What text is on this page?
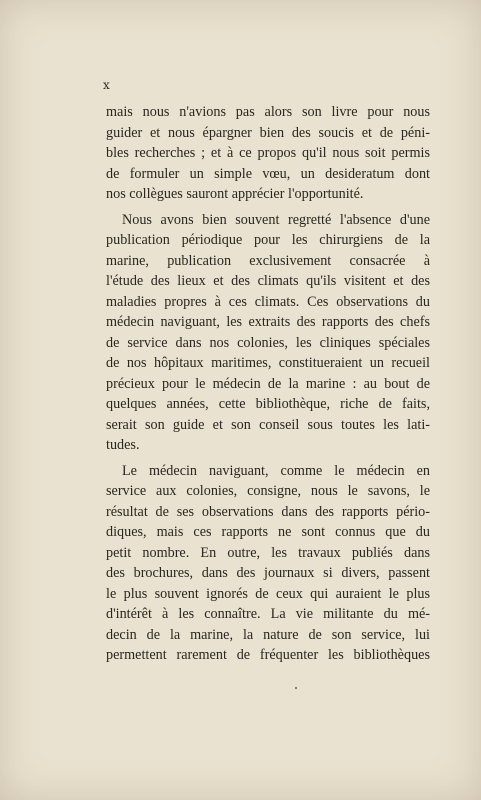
x

mais nous n'avions pas alors son livre pour nous
guider et nous épargner bien des soucis et de péni-
bles recherches ; et à ce propos qu'il nous soit permis
de formuler un simple vœu, un desideratum dont
nos collègues sauront apprécier l'opportunité.

Nous avons bien souvent regretté l'absence d'une
publication périodique pour les chirurgiens de la
marine, publication exclusivement consacrée à
l'étude des lieux et des climats qu'ils visitent et des
maladies propres à ces climats. Ces observations du
médecin naviguant, les extraits des rapports des chefs
de service dans nos colonies, les cliniques spéciales
de nos hôpitaux maritimes, constitueraient un recueil
précieux pour le médecin de la marine : au bout de
quelques années, cette bibliothèque, riche de faits,
serait son guide et son conseil sous toutes les lati-
tudes.

Le médecin naviguant, comme le médecin en
service aux colonies, consigne, nous le savons, le
résultat de ses observations dans des rapports pério-
diques, mais ces rapports ne sont connus que du
petit nombre. En outre, les travaux publiés dans
des brochures, dans des journaux si divers, passent
le plus souvent ignorés de ceux qui auraient le plus
d'intérêt à les connaître. La vie militante du mé-
decin de la marine, la nature de son service, lui
permettent rarement de fréquenter les bibliothèques
